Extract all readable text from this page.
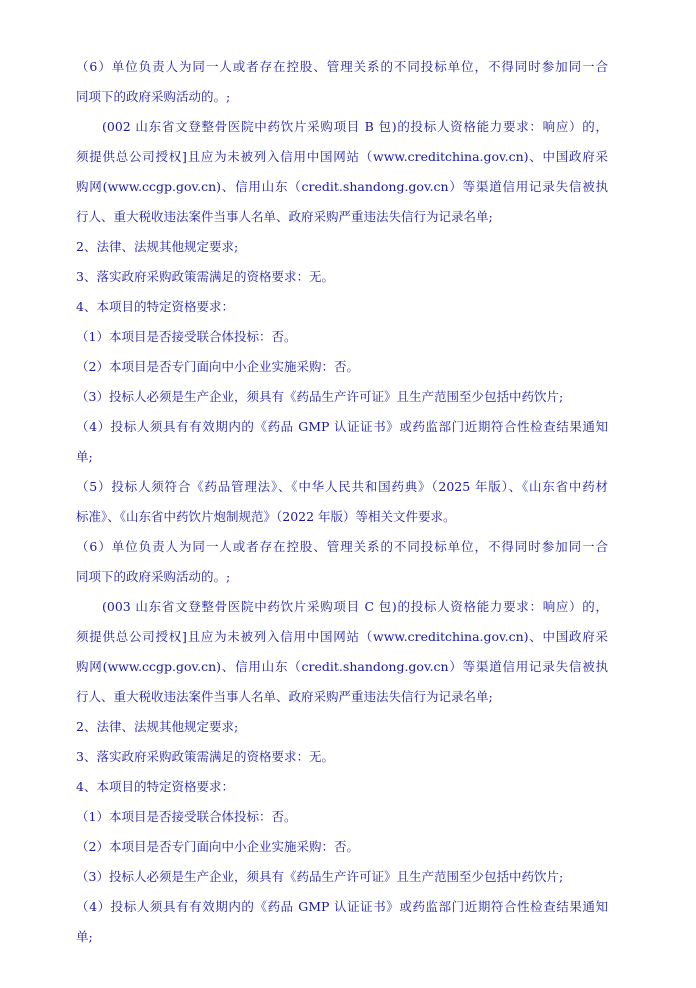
（6）单位负责人为同一人或者存在控股、管理关系的不同投标单位，不得同时参加同一合
同项下的政府采购活动的。;
(002 山东省文登整骨医院中药饮片采购项目 B 包)的投标人资格能力要求：响应）的，
须提供总公司授权]且应为未被列入信用中国网站（www.creditchina.gov.cn)、中国政府采
购网(www.ccgp.gov.cn)、信用山东（credit.shandong.gov.cn）等渠道信用记录失信被执
行人、重大税收违法案件当事人名单、政府采购严重违法失信行为记录名单;
2、法律、法规其他规定要求;
3、落实政府采购政策需满足的资格要求：无。
4、本项目的特定资格要求：
（1）本项目是否接受联合体投标：否。
（2）本项目是否专门面向中小企业实施采购：否。
（3）投标人必须是生产企业，须具有《药品生产许可证》且生产范围至少包括中药饮片;
（4）投标人须具有有效期内的《药品 GMP 认证证书》或药监部门近期符合性检查结果通知
单;
（5）投标人须符合《药品管理法》、《中华人民共和国药典》（2025 年版）、《山东省中药材
标准》、《山东省中药饮片炮制规范》（2022 年版）等相关文件要求。
（6）单位负责人为同一人或者存在控股、管理关系的不同投标单位，不得同时参加同一合
同项下的政府采购活动的。;
(003 山东省文登整骨医院中药饮片采购项目 C 包)的投标人资格能力要求：响应）的，
须提供总公司授权]且应为未被列入信用中国网站（www.creditchina.gov.cn)、中国政府采
购网(www.ccgp.gov.cn)、信用山东（credit.shandong.gov.cn）等渠道信用记录失信被执
行人、重大税收违法案件当事人名单、政府采购严重违法失信行为记录名单;
2、法律、法规其他规定要求;
3、落实政府采购政策需满足的资格要求：无。
4、本项目的特定资格要求：
（1）本项目是否接受联合体投标：否。
（2）本项目是否专门面向中小企业实施采购：否。
（3）投标人必须是生产企业，须具有《药品生产许可证》且生产范围至少包括中药饮片;
（4）投标人须具有有效期内的《药品 GMP 认证证书》或药监部门近期符合性检查结果通知
单;
